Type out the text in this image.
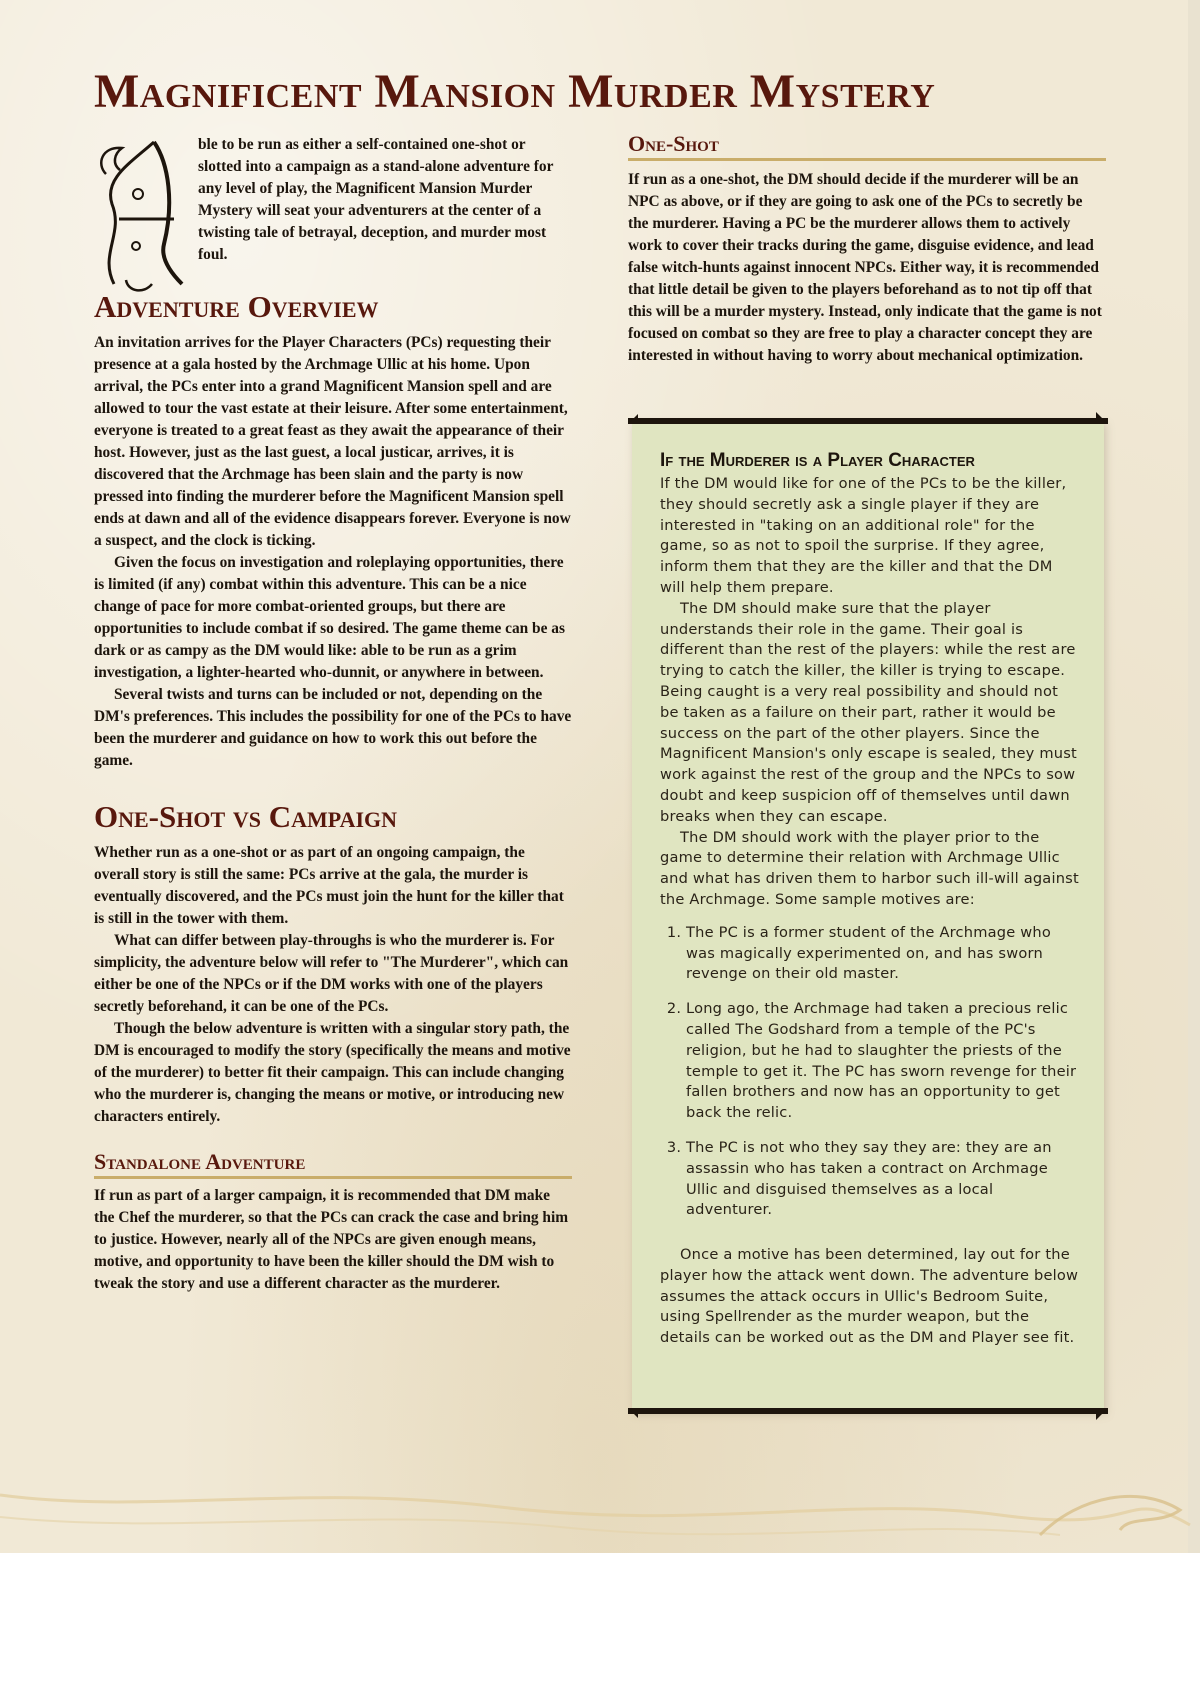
Magnificent Mansion Murder Mystery

ble to be run as either a self-contained one-shot or slotted into a campaign as a stand-alone adventure for any level of play, the Magnificent Mansion Murder Mystery will seat your adventurers at the center of a twisting tale of betrayal, deception, and murder most foul.

Adventure Overview

An invitation arrives for the Player Characters (PCs) requesting their presence at a gala hosted by the Archmage Ullic at his home. Upon arrival, the PCs enter into a grand Magnificent Mansion spell and are allowed to tour the vast estate at their leisure. After some entertainment, everyone is treated to a great feast as they await the appearance of their host. However, just as the last guest, a local justicar, arrives, it is discovered that the Archmage has been slain and the party is now pressed into finding the murderer before the Magnificent Mansion spell ends at dawn and all of the evidence disappears forever. Everyone is now a suspect, and the clock is ticking.

Given the focus on investigation and roleplaying opportunities, there is limited (if any) combat within this adventure. This can be a nice change of pace for more combat-oriented groups, but there are opportunities to include combat if so desired. The game theme can be as dark or as campy as the DM would like: able to be run as a grim investigation, a lighter-hearted who-dunnit, or anywhere in between.

Several twists and turns can be included or not, depending on the DM's preferences. This includes the possibility for one of the PCs to have been the murderer and guidance on how to work this out before the game.

One-Shot vs Campaign

Whether run as a one-shot or as part of an ongoing campaign, the overall story is still the same: PCs arrive at the gala, the murder is eventually discovered, and the PCs must join the hunt for the killer that is still in the tower with them.

What can differ between play-throughs is who the murderer is. For simplicity, the adventure below will refer to "The Murderer", which can either be one of the NPCs or if the DM works with one of the players secretly beforehand, it can be one of the PCs.

Though the below adventure is written with a singular story path, the DM is encouraged to modify the story (specifically the means and motive of the murderer) to better fit their campaign. This can include changing who the murderer is, changing the means or motive, or introducing new characters entirely.

Standalone Adventure

If run as part of a larger campaign, it is recommended that DM make the Chef the murderer, so that the PCs can crack the case and bring him to justice. However, nearly all of the NPCs are given enough means, motive, and opportunity to have been the killer should the DM wish to tweak the story and use a different character as the murderer.

One-Shot

If run as a one-shot, the DM should decide if the murderer will be an NPC as above, or if they are going to ask one of the PCs to secretly be the murderer. Having a PC be the murderer allows them to actively work to cover their tracks during the game, disguise evidence, and lead false witch-hunts against innocent NPCs. Either way, it is recommended that little detail be given to the players beforehand as to not tip off that this will be a murder mystery. Instead, only indicate that the game is not focused on combat so they are free to play a character concept they are interested in without having to worry about mechanical optimization.

If the Murderer is a Player Character

If the DM would like for one of the PCs to be the killer, they should secretly ask a single player if they are interested in "taking on an additional role" for the game, so as not to spoil the surprise. If they agree, inform them that they are the killer and that the DM will help them prepare.

The DM should make sure that the player understands their role in the game. Their goal is different than the rest of the players: while the rest are trying to catch the killer, the killer is trying to escape. Being caught is a very real possibility and should not be taken as a failure on their part, rather it would be success on the part of the other players. Since the Magnificent Mansion's only escape is sealed, they must work against the rest of the group and the NPCs to sow doubt and keep suspicion off of themselves until dawn breaks when they can escape.

The DM should work with the player prior to the game to determine their relation with Archmage Ullic and what has driven them to harbor such ill-will against the Archmage. Some sample motives are:

1. The PC is a former student of the Archmage who was magically experimented on, and has sworn revenge on their old master.
2. Long ago, the Archmage had taken a precious relic called The Godshard from a temple of the PC's religion, but he had to slaughter the priests of the temple to get it. The PC has sworn revenge for their fallen brothers and now has an opportunity to get back the relic.
3. The PC is not who they say they are: they are an assassin who has taken a contract on Archmage Ullic and disguised themselves as a local adventurer.

Once a motive has been determined, lay out for the player how the attack went down. The adventure below assumes the attack occurs in Ullic's Bedroom Suite, using Spellrender as the murder weapon, but the details can be worked out as the DM and Player see fit.
